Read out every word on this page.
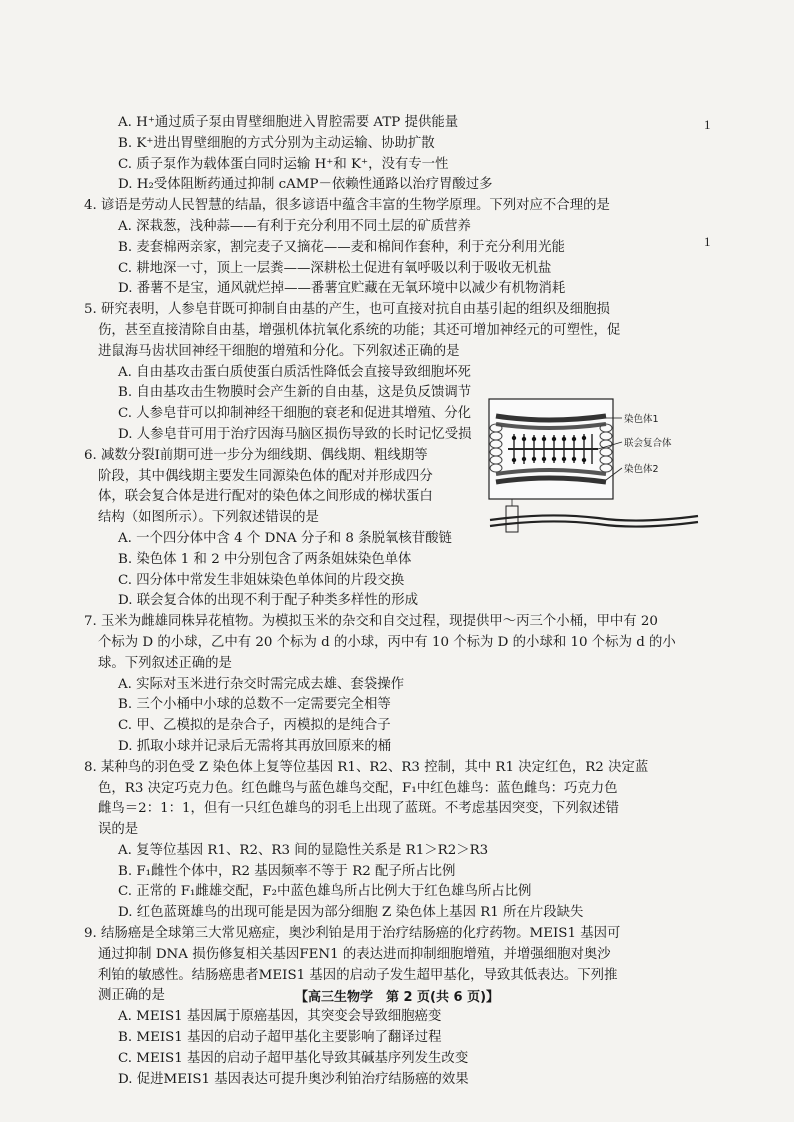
1
1
A. H⁺通过质子泵由胃壁细胞进入胃腔需要 ATP 提供能量
B. K⁺进出胃壁细胞的方式分别为主动运输、协助扩散
C. 质子泵作为载体蛋白同时运输 H⁺和 K⁺，没有专一性
D. H₂受体阻断药通过抑制 cAMP－依赖性通路以治疗胃酸过多
4. 谚语是劳动人民智慧的结晶，很多谚语中蕴含丰富的生物学原理。下列对应不合理的是
A. 深栽葱，浅种蒜——有利于充分利用不同土层的矿质营养
B. 麦套棉两亲家，割完麦子又摘花——麦和棉间作套种，利于充分利用光能
C. 耕地深一寸，顶上一层粪——深耕松土促进有氧呼吸以利于吸收无机盐
D. 番薯不是宝，通风就烂掉——番薯宜贮藏在无氧环境中以减少有机物消耗
5. 研究表明，人参皂苷既可抑制自由基的产生，也可直接对抗自由基引起的组织及细胞损
伤，甚至直接清除自由基，增强机体抗氧化系统的功能；其还可增加神经元的可塑性，促
进鼠海马齿状回神经干细胞的增殖和分化。下列叙述正确的是
A. 自由基攻击蛋白质使蛋白质活性降低会直接导致细胞坏死
B. 自由基攻击生物膜时会产生新的自由基，这是负反馈调节
C. 人参皂苷可以抑制神经干细胞的衰老和促进其增殖、分化
D. 人参皂苷可用于治疗因海马脑区损伤导致的长时记忆受损
6. 减数分裂Ⅰ前期可进一步分为细线期、偶线期、粗线期等
阶段，其中偶线期主要发生同源染色体的配对并形成四分
体，联会复合体是进行配对的染色体之间形成的梯状蛋白
结构（如图所示）。下列叙述错误的是
A. 一个四分体中含 4 个 DNA 分子和 8 条脱氧核苷酸链
B. 染色体 1 和 2 中分别包含了两条姐妹染色单体
C. 四分体中常发生非姐妹染色单体间的片段交换
D. 联会复合体的出现不利于配子种类多样性的形成
7. 玉米为雌雄同株异花植物。为模拟玉米的杂交和自交过程，现提供甲～丙三个小桶，甲中有 20
个标为 D 的小球，乙中有 20 个标为 d 的小球，丙中有 10 个标为 D 的小球和 10 个标为 d 的小
球。下列叙述正确的是
A. 实际对玉米进行杂交时需完成去雄、套袋操作
B. 三个小桶中小球的总数不一定需要完全相等
C. 甲、乙模拟的是杂合子，丙模拟的是纯合子
D. 抓取小球并记录后无需将其再放回原来的桶
8. 某种鸟的羽色受 Z 染色体上复等位基因 R1、R2、R3 控制，其中 R1 决定红色，R2 决定蓝
色，R3 决定巧克力色。红色雌鸟与蓝色雄鸟交配，F₁中红色雄鸟：蓝色雌鸟：巧克力色
雌鸟＝2：1：1，但有一只红色雄鸟的羽毛上出现了蓝斑。不考虑基因突变，下列叙述错
误的是
A. 复等位基因 R1、R2、R3 间的显隐性关系是 R1＞R2＞R3
B. F₁雌性个体中，R2 基因频率不等于 R2 配子所占比例
C. 正常的 F₁雌雄交配，F₂中蓝色雄鸟所占比例大于红色雄鸟所占比例
D. 红色蓝斑雄鸟的出现可能是因为部分细胞 Z 染色体上基因 R1 所在片段缺失
9. 结肠癌是全球第三大常见癌症，奥沙利铂是用于治疗结肠癌的化疗药物。MEIS1 基因可
通过抑制 DNA 损伤修复相关基因FEN1 的表达进而抑制细胞增殖，并增强细胞对奥沙
利铂的敏感性。结肠癌患者MEIS1 基因的启动子发生超甲基化，导致其低表达。下列推
测正确的是
A. MEIS1 基因属于原癌基因，其突变会导致细胞癌变
B. MEIS1 基因的启动子超甲基化主要影响了翻译过程
C. MEIS1 基因的启动子超甲基化导致其碱基序列发生改变
D. 促进MEIS1 基因表达可提升奥沙利铂治疗结肠癌的效果
染色体1
联会复合体
染色体2
【高三生物学　第 2 页(共 6 页)】
